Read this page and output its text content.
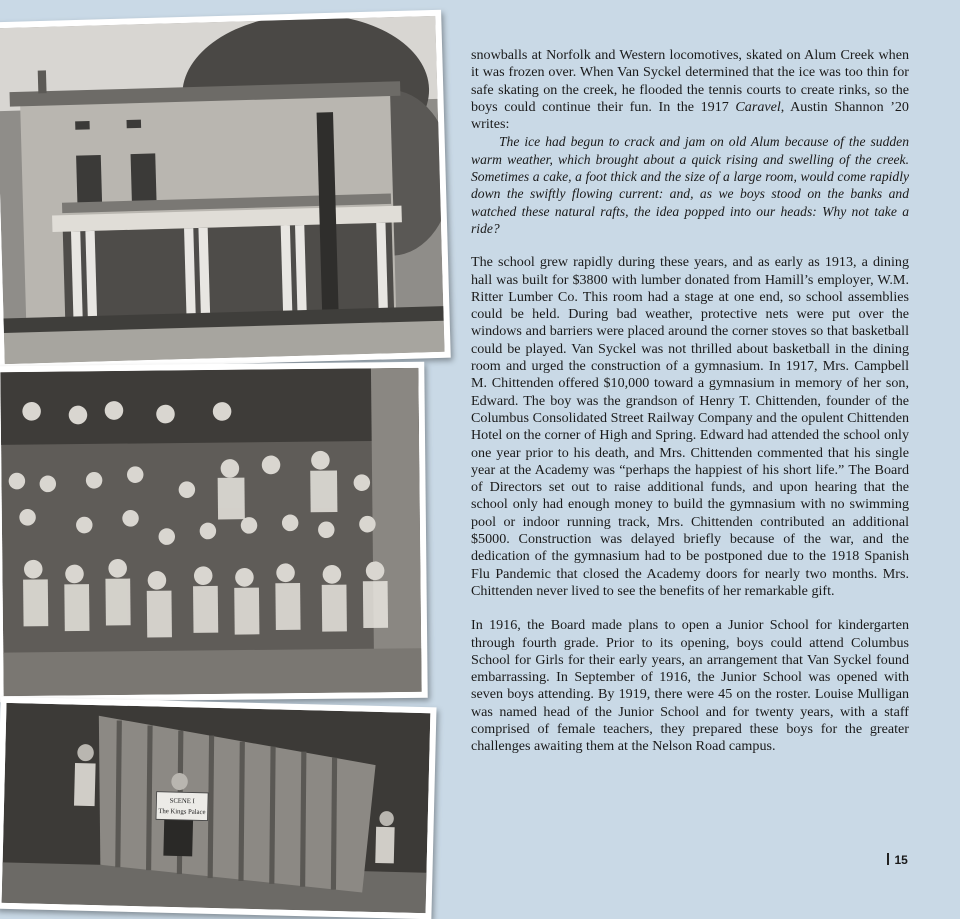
SCENE I
The Kings Palace

snowballs at Norfolk and Western locomotives, skated on Alum Creek when it was frozen over. When Van Syckel determined that the ice was too thin for safe skating on the creek, he flooded the tennis courts to create rinks, so the boys could continue their fun. In the 1917 Caravel, Austin Shannon ’20 writes:

The ice had begun to crack and jam on old Alum because of the sudden warm weather, which brought about a quick rising and swelling of the creek. Sometimes a cake, a foot thick and the size of a large room, would come rapidly down the swiftly flowing current: and, as we boys stood on the banks and watched these natural rafts, the idea popped into our heads: Why not take a ride?

The school grew rapidly during these years, and as early as 1913, a dining hall was built for $3800 with lumber donated from Hamill’s employer, W.M. Ritter Lumber Co. This room had a stage at one end, so school assemblies could be held. During bad weather, protective nets were put over the windows and barriers were placed around the corner stoves so that basketball could be played. Van Syckel was not thrilled about basketball in the dining room and urged the construction of a gymnasium. In 1917, Mrs. Campbell M. Chittenden offered $10,000 toward a gymnasium in memory of her son, Edward. The boy was the grandson of Henry T. Chittenden, founder of the Columbus Consolidated Street Railway Company and the opulent Chittenden Hotel on the corner of High and Spring. Edward had attended the school only one year prior to his death, and Mrs. Chittenden commented that his single year at the Academy was “perhaps the happiest of his short life.” The Board of Directors set out to raise additional funds, and upon hearing that the school only had enough money to build the gymnasium with no swimming pool or indoor running track, Mrs. Chittenden contributed an additional $5000. Construction was delayed briefly because of the war, and the dedication of the gymnasium had to be postponed due to the 1918 Spanish Flu Pandemic that closed the Academy doors for nearly two months. Mrs. Chittenden never lived to see the benefits of her remarkable gift.

In 1916, the Board made plans to open a Junior School for kindergarten through fourth grade. Prior to its opening, boys could attend Columbus School for Girls for their early years, an arrangement that Van Syckel found embarrassing. In September of 1916, the Junior School was opened with seven boys attending. By 1919, there were 45 on the roster. Louise Mulligan was named head of the Junior School and for twenty years, with a staff comprised of female teachers, they prepared these boys for the greater challenges awaiting them at the Nelson Road campus.

15
